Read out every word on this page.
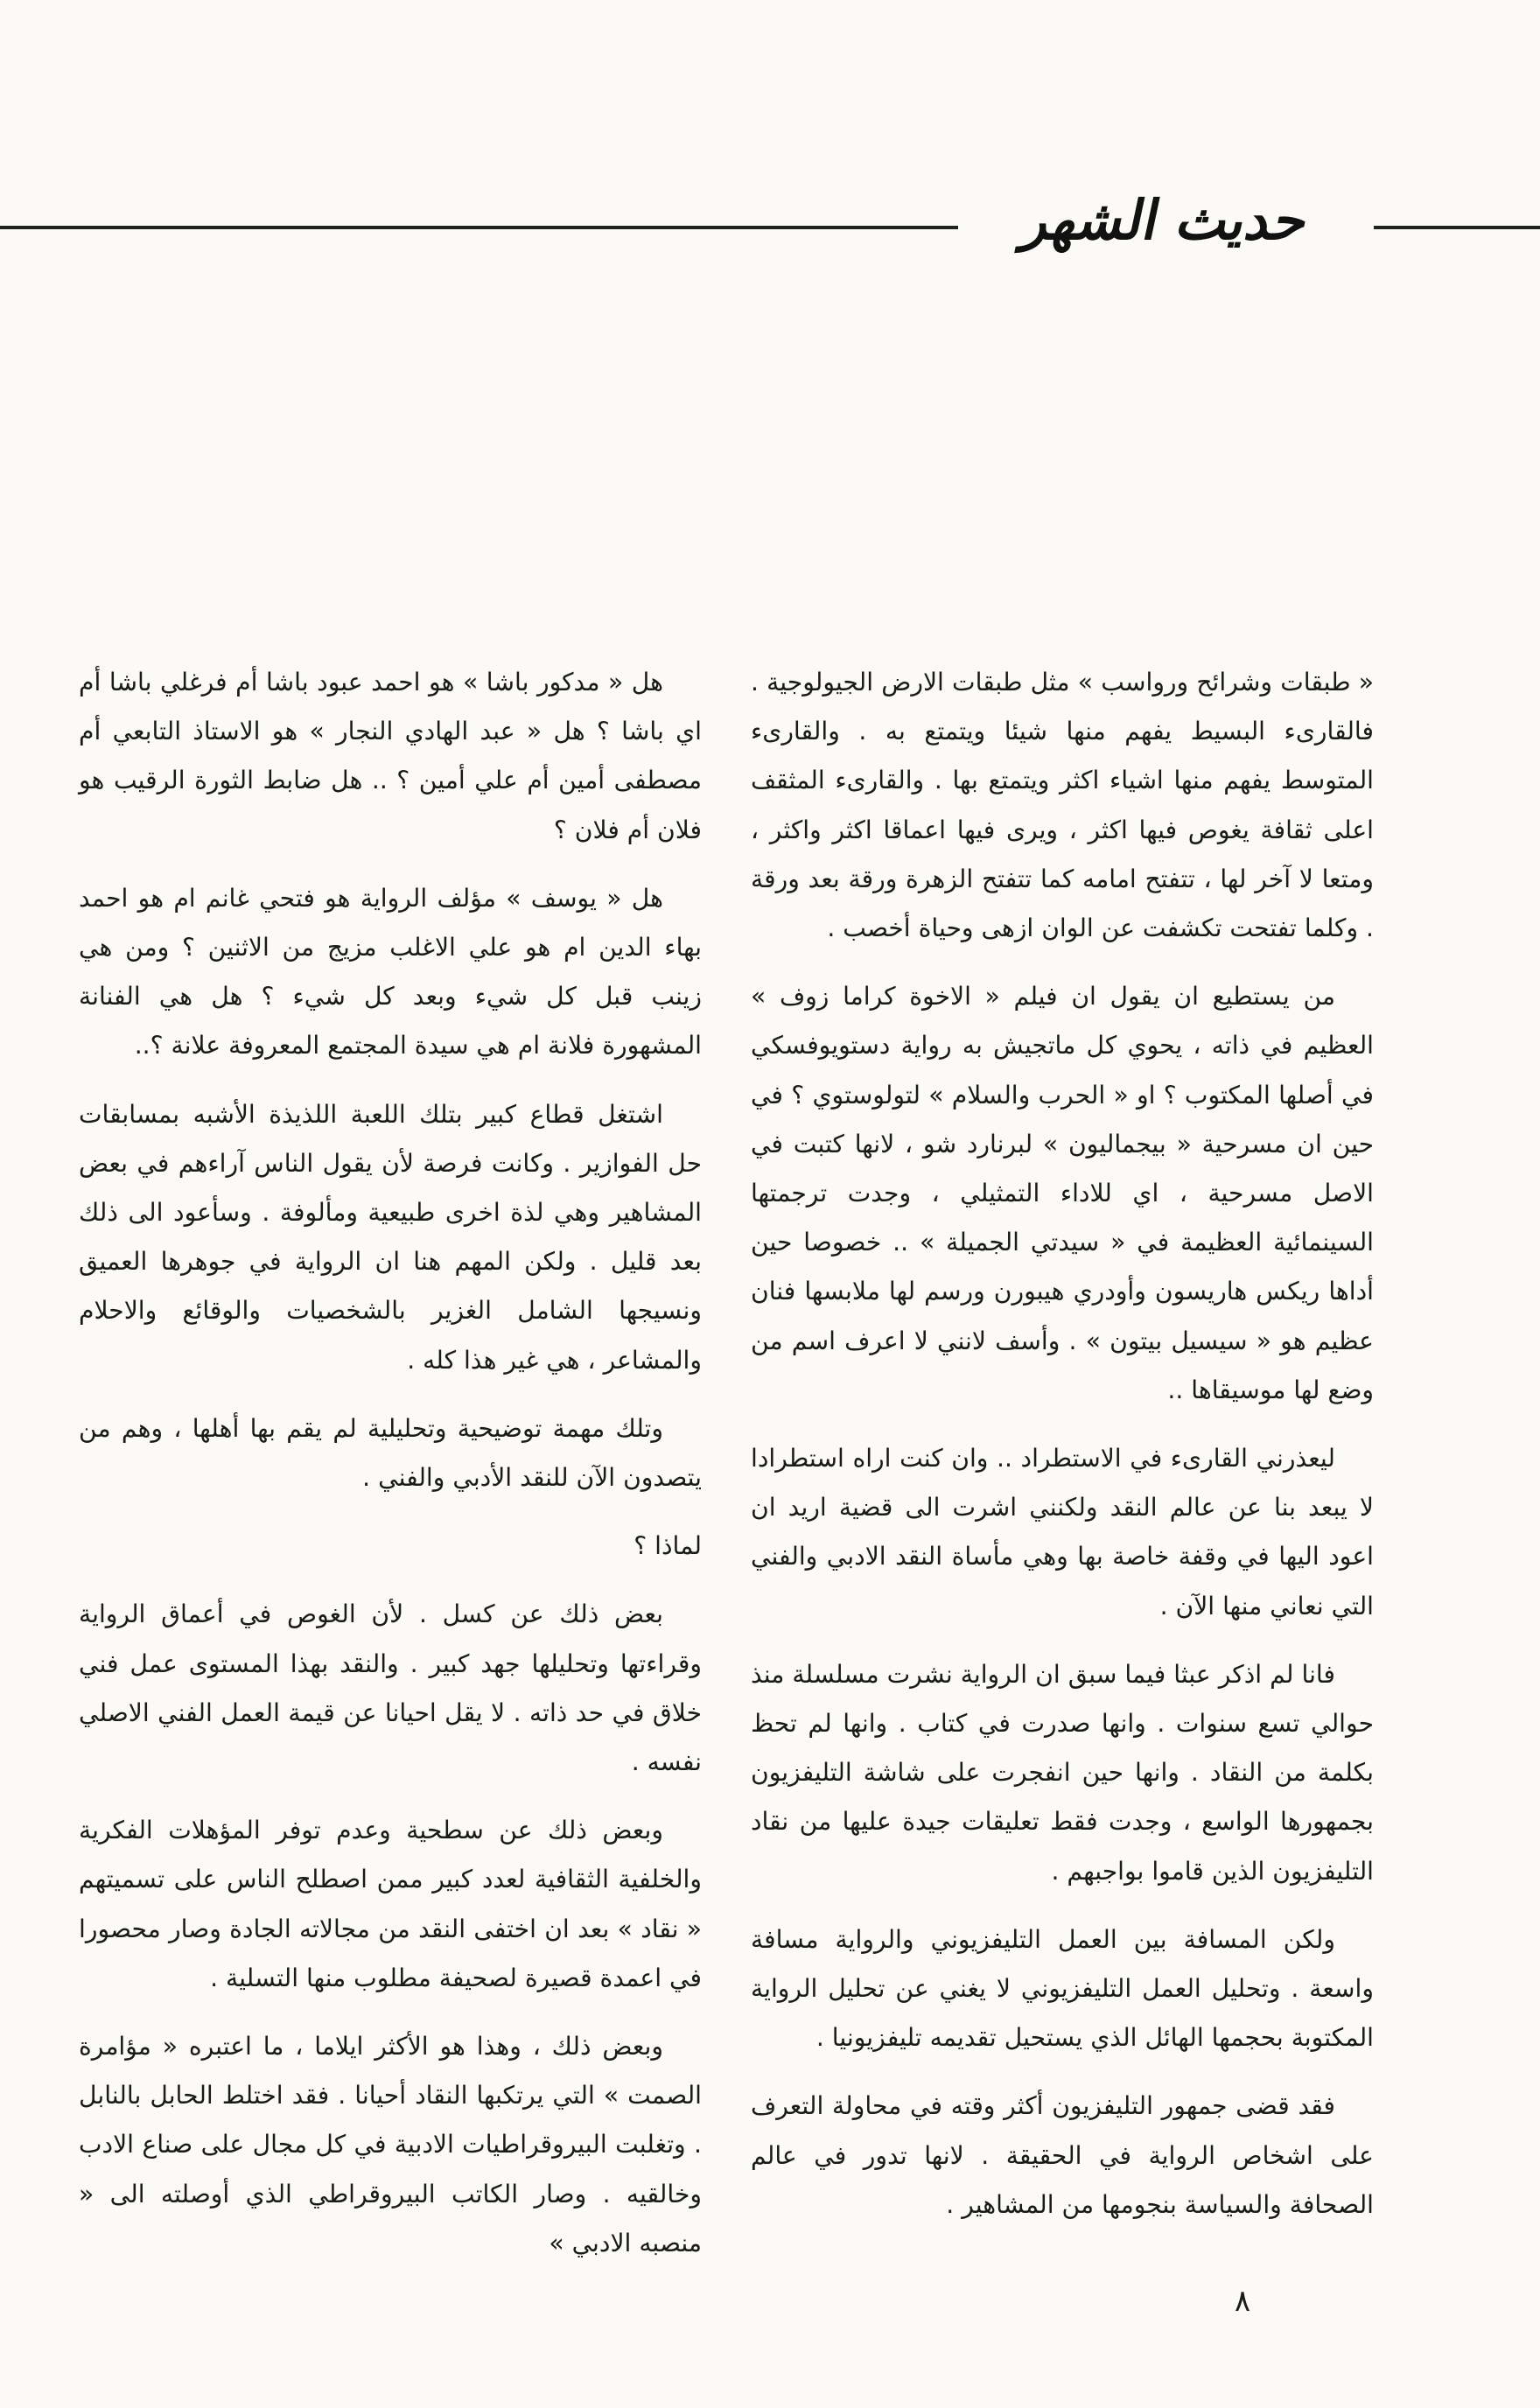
حديث الشهر

« طبقات وشرائح ورواسب » مثل طبقات الارض الجيولوجية . فالقارىء البسيط يفهم منها شيئا ويتمتع به . والقارىء المتوسط يفهم منها اشياء اكثر ويتمتع بها . والقارىء المثقف اعلى ثقافة يغوص فيها اكثر ، ويرى فيها اعماقا اكثر واكثر ، ومتعا لا آخر لها ، تتفتح امامه كما تتفتح الزهرة ورقة بعد ورقة . وكلما تفتحت تكشفت عن الوان ازهى وحياة أخصب .

من يستطيع ان يقول ان فيلم « الاخوة كراما زوف » العظيم في ذاته ، يحوي كل ماتجيش به رواية دستويوفسكي في أصلها المكتوب ؟ او « الحرب والسلام » لتولوستوي ؟ في حين ان مسرحية « بيجماليون » لبرنارد شو ، لانها كتبت في الاصل مسرحية ، اي للاداء التمثيلي ، وجدت ترجمتها السينمائية العظيمة في « سيدتي الجميلة » .. خصوصا حين أداها ريكس هاريسون وأودري هيبورن ورسم لها ملابسها فنان عظيم هو « سيسيل بيتون » . وأسف لانني لا اعرف اسم من وضع لها موسيقاها ..

ليعذرني القارىء في الاستطراد .. وان كنت اراه استطرادا لا يبعد بنا عن عالم النقد ولكنني اشرت الى قضية اريد ان اعود اليها في وقفة خاصة بها وهي مأساة النقد الادبي والفني التي نعاني منها الآن .

فانا لم اذكر عبثا فيما سبق ان الرواية نشرت مسلسلة منذ حوالي تسع سنوات . وانها صدرت في كتاب . وانها لم تحظ بكلمة من النقاد . وانها حين انفجرت على شاشة التليفزيون بجمهورها الواسع ، وجدت فقط تعليقات جيدة عليها من نقاد التليفزيون الذين قاموا بواجبهم .

ولكن المسافة بين العمل التليفزيوني والرواية مسافة واسعة . وتحليل العمل التليفزيوني لا يغني عن تحليل الرواية المكتوبة بحجمها الهائل الذي يستحيل تقديمه تليفزيونيا .

فقد قضى جمهور التليفزيون أكثر وقته في محاولة التعرف على اشخاص الرواية في الحقيقة . لانها تدور في عالم الصحافة والسياسة بنجومها من المشاهير .

هل « مدكور باشا » هو احمد عبود باشا أم فرغلي باشا أم اي باشا ؟ هل « عبد الهادي النجار » هو الاستاذ التابعي أم مصطفى أمين أم علي أمين ؟ .. هل ضابط الثورة الرقيب هو فلان أم فلان ؟

هل « يوسف » مؤلف الرواية هو فتحي غانم ام هو احمد بهاء الدين ام هو علي الاغلب مزيج من الاثنين ؟ ومن هي زينب قبل كل شيء وبعد كل شيء ؟ هل هي الفنانة المشهورة فلانة ام هي سيدة المجتمع المعروفة علانة ؟..

اشتغل قطاع كبير بتلك اللعبة اللذيذة الأشبه بمسابقات حل الفوازير . وكانت فرصة لأن يقول الناس آراءهم في بعض المشاهير وهي لذة اخرى طبيعية ومألوفة . وسأعود الى ذلك بعد قليل . ولكن المهم هنا ان الرواية في جوهرها العميق ونسيجها الشامل الغزير بالشخصيات والوقائع والاحلام والمشاعر ، هي غير هذا كله .

وتلك مهمة توضيحية وتحليلية لم يقم بها أهلها ، وهم من يتصدون الآن للنقد الأدبي والفني .

لماذا ؟

بعض ذلك عن كسل . لأن الغوص في أعماق الرواية وقراءتها وتحليلها جهد كبير . والنقد بهذا المستوى عمل فني خلاق في حد ذاته . لا يقل احيانا عن قيمة العمل الفني الاصلي نفسه .

وبعض ذلك عن سطحية وعدم توفر المؤهلات الفكرية والخلفية الثقافية لعدد كبير ممن اصطلح الناس على تسميتهم « نقاد » بعد ان اختفى النقد من مجالاته الجادة وصار محصورا في اعمدة قصيرة لصحيفة مطلوب منها التسلية .

وبعض ذلك ، وهذا هو الأكثر ايلاما ، ما اعتبره « مؤامرة الصمت » التي يرتكبها النقاد أحيانا . فقد اختلط الحابل بالنابل . وتغلبت البيروقراطيات الادبية في كل مجال على صناع الادب وخالقيه . وصار الكاتب البيروقراطي الذي أوصلته الى « منصبه الادبي »

٨
